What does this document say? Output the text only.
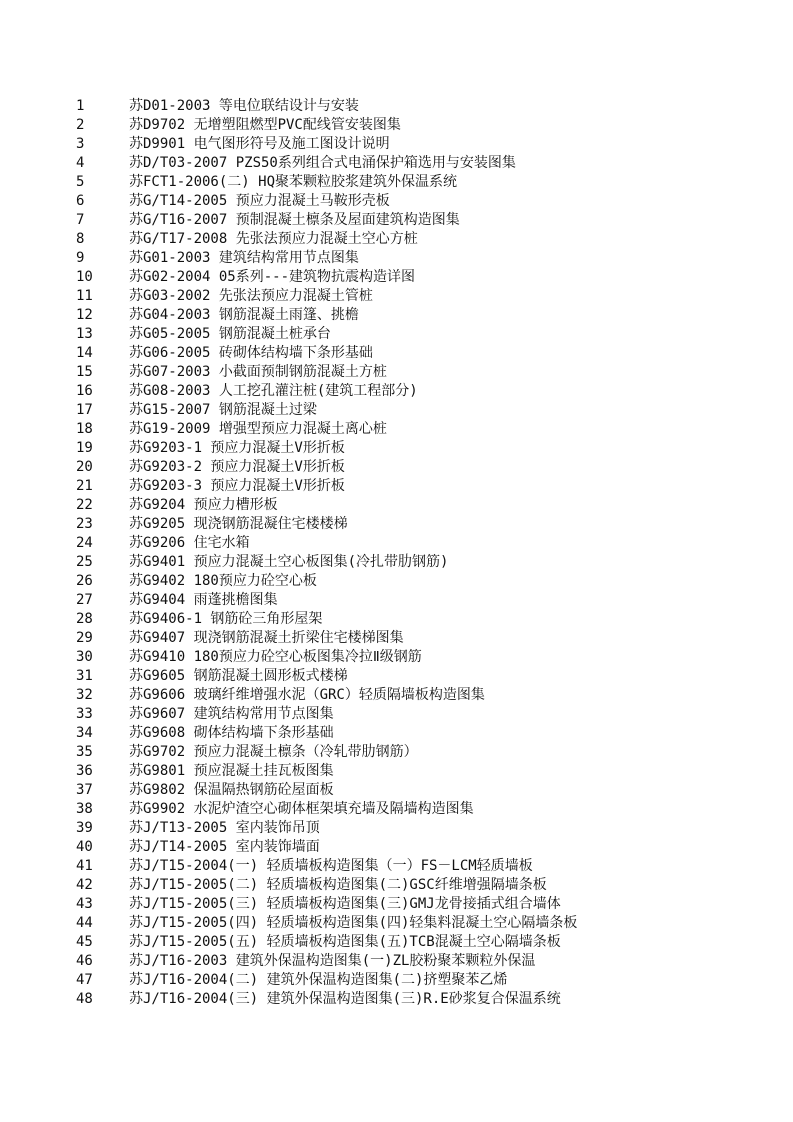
1	苏D01-2003 等电位联结设计与安装
2	苏D9702 无增塑阻燃型PVC配线管安装图集
3	苏D9901 电气图形符号及施工图设计说明
4	苏D/T03-2007 PZS50系列组合式电涌保护箱选用与安装图集
5	苏FCT1-2006(二) HQ聚苯颗粒胶浆建筑外保温系统
6	苏G/T14-2005 预应力混凝土马鞍形壳板
7	苏G/T16-2007 预制混凝土檩条及屋面建筑构造图集
8	苏G/T17-2008 先张法预应力混凝土空心方桩
9	苏G01-2003 建筑结构常用节点图集
10	苏G02-2004 05系列---建筑物抗震构造详图
11	苏G03-2002 先张法预应力混凝土管桩
12	苏G04-2003 钢筋混凝土雨篷、挑檐
13	苏G05-2005 钢筋混凝土桩承台
14	苏G06-2005 砖砌体结构墙下条形基础
15	苏G07-2003 小截面预制钢筋混凝土方桩
16	苏G08-2003 人工挖孔灌注桩(建筑工程部分)
17	苏G15-2007 钢筋混凝土过梁
18	苏G19-2009 增强型预应力混凝土离心桩
19	苏G9203-1 预应力混凝土V形折板
20	苏G9203-2 预应力混凝土V形折板
21	苏G9203-3 预应力混凝土V形折板
22	苏G9204 预应力槽形板
23	苏G9205 现浇钢筋混凝住宅楼楼梯
24	苏G9206 住宅水箱
25	苏G9401 预应力混凝土空心板图集(冷扎带肋钢筋)
26	苏G9402 180预应力砼空心板
27	苏G9404 雨蓬挑檐图集
28	苏G9406-1 钢筋砼三角形屋架
29	苏G9407 现浇钢筋混凝土折梁住宅楼梯图集
30	苏G9410 180预应力砼空心板图集冷拉Ⅱ级钢筋
31	苏G9605 钢筋混凝土圆形板式楼梯
32	苏G9606 玻璃纤维增强水泥（GRC）轻质隔墙板构造图集
33	苏G9607 建筑结构常用节点图集
34	苏G9608 砌体结构墙下条形基础
35	苏G9702 预应力混凝土檩条（冷轧带肋钢筋）
36	苏G9801 预应混凝土挂瓦板图集
37	苏G9802 保温隔热钢筋砼屋面板
38	苏G9902 水泥炉渣空心砌体框架填充墙及隔墙构造图集
39	苏J/T13-2005 室内装饰吊顶
40	苏J/T14-2005 室内装饰墙面
41	苏J/T15-2004(一) 轻质墙板构造图集（一）FS－LCM轻质墙板
42	苏J/T15-2005(二) 轻质墙板构造图集(二)GSC纤维增强隔墙条板
43	苏J/T15-2005(三) 轻质墙板构造图集(三)GMJ龙骨接插式组合墙体
44	苏J/T15-2005(四) 轻质墙板构造图集(四)轻集料混凝土空心隔墙条板
45	苏J/T15-2005(五) 轻质墙板构造图集(五)TCB混凝土空心隔墙条板
46	苏J/T16-2003 建筑外保温构造图集(一)ZL胶粉聚苯颗粒外保温
47	苏J/T16-2004(二) 建筑外保温构造图集(二)挤塑聚苯乙烯
48	苏J/T16-2004(三) 建筑外保温构造图集(三)R.E砂浆复合保温系统
